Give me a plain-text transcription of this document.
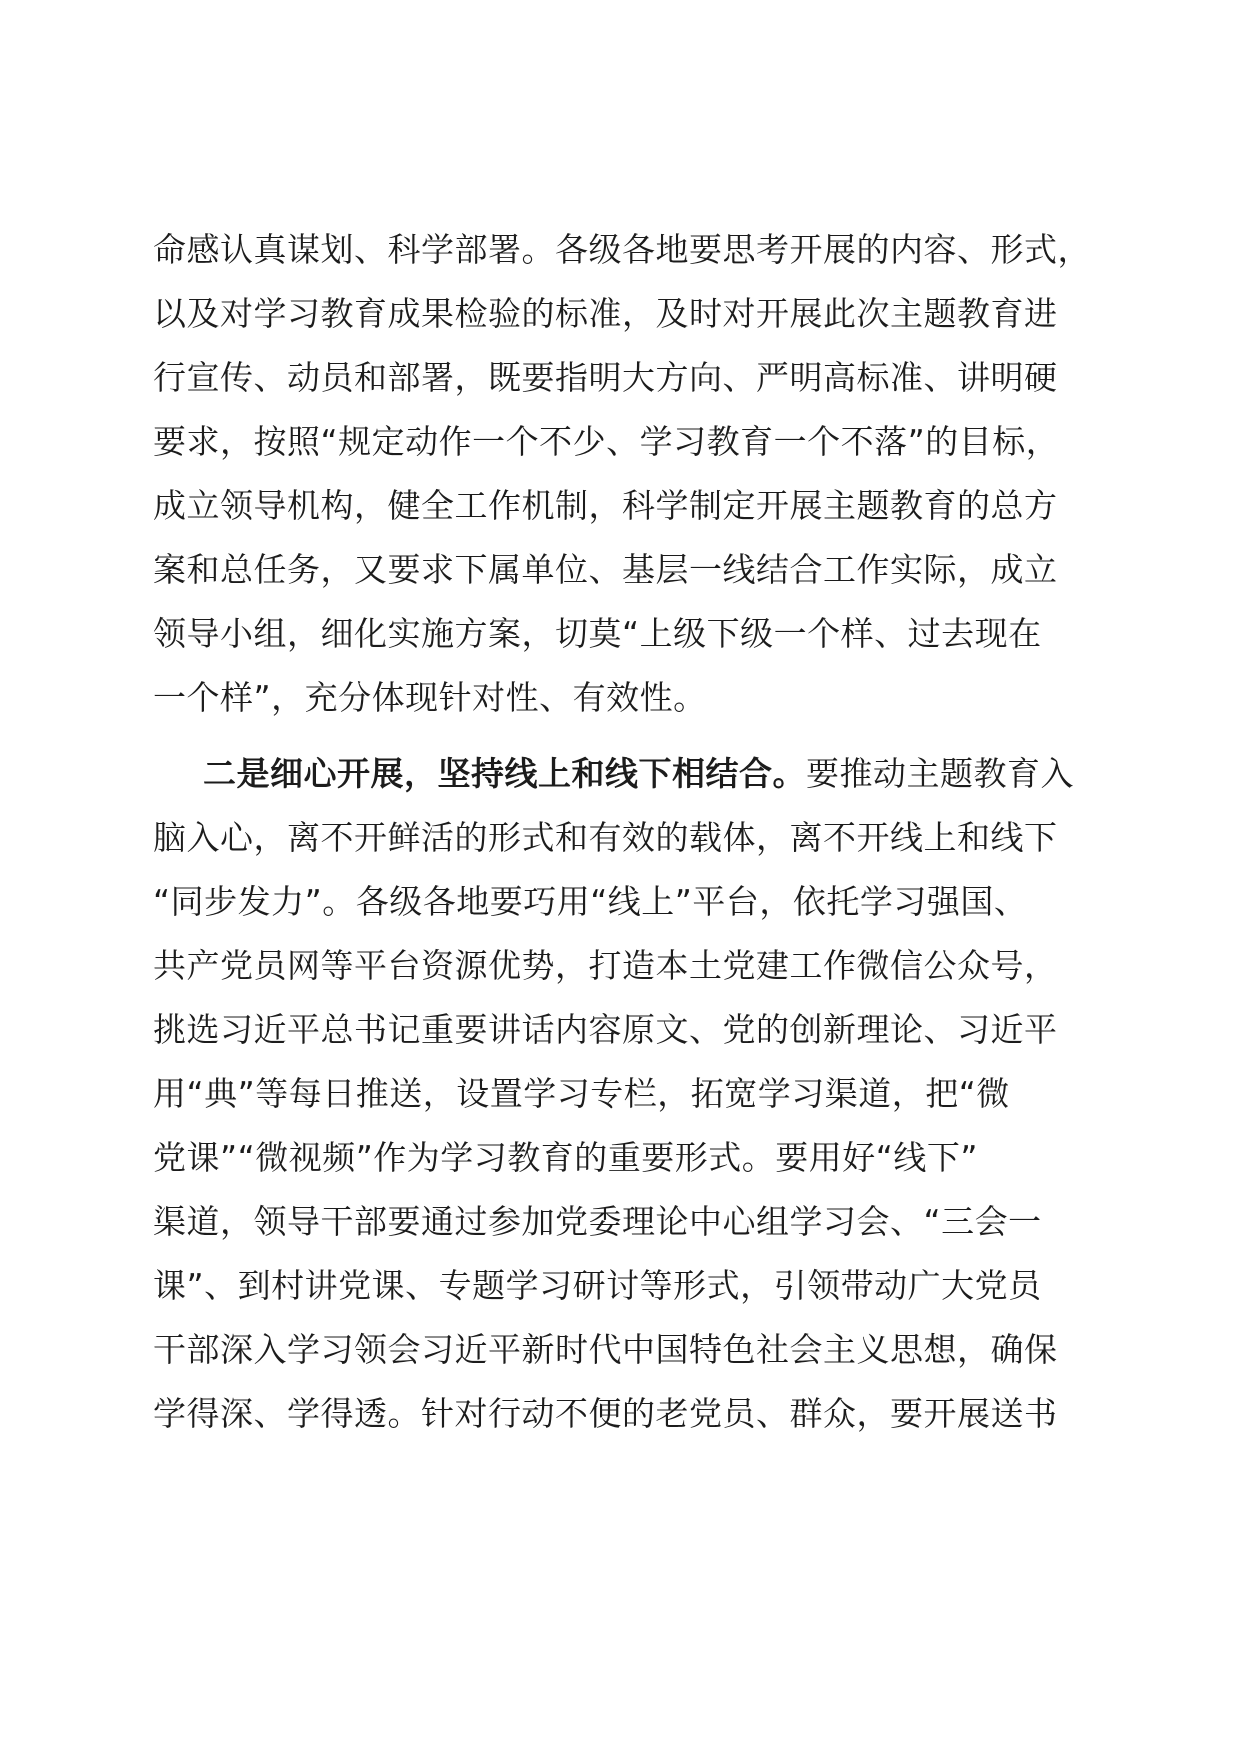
命感认真谋划、科学部署。各级各地要思考开展的内容、形式，
以及对学习教育成果检验的标准，及时对开展此次主题教育进
行宣传、动员和部署，既要指明大方向、严明高标准、讲明硬
要求，按照“规定动作一个不少、学习教育一个不落”的目标，
成立领导机构，健全工作机制，科学制定开展主题教育的总方
案和总任务，又要求下属单位、基层一线结合工作实际，成立
领导小组，细化实施方案，切莫“上级下级一个样、过去现在
一个样”，充分体现针对性、有效性。
二是细心开展，坚持线上和线下相结合。要推动主题教育入
脑入心，离不开鲜活的形式和有效的载体，离不开线上和线下
“同步发力”。各级各地要巧用“线上”平台，依托学习强国、
共产党员网等平台资源优势，打造本土党建工作微信公众号，
挑选习近平总书记重要讲话内容原文、党的创新理论、习近平
用“典”等每日推送，设置学习专栏，拓宽学习渠道，把“微
党课”“微视频”作为学习教育的重要形式。要用好“线下”
渠道，领导干部要通过参加党委理论中心组学习会、“三会一
课”、到村讲党课、专题学习研讨等形式，引领带动广大党员
干部深入学习领会习近平新时代中国特色社会主义思想，确保
学得深、学得透。针对行动不便的老党员、群众，要开展送书
